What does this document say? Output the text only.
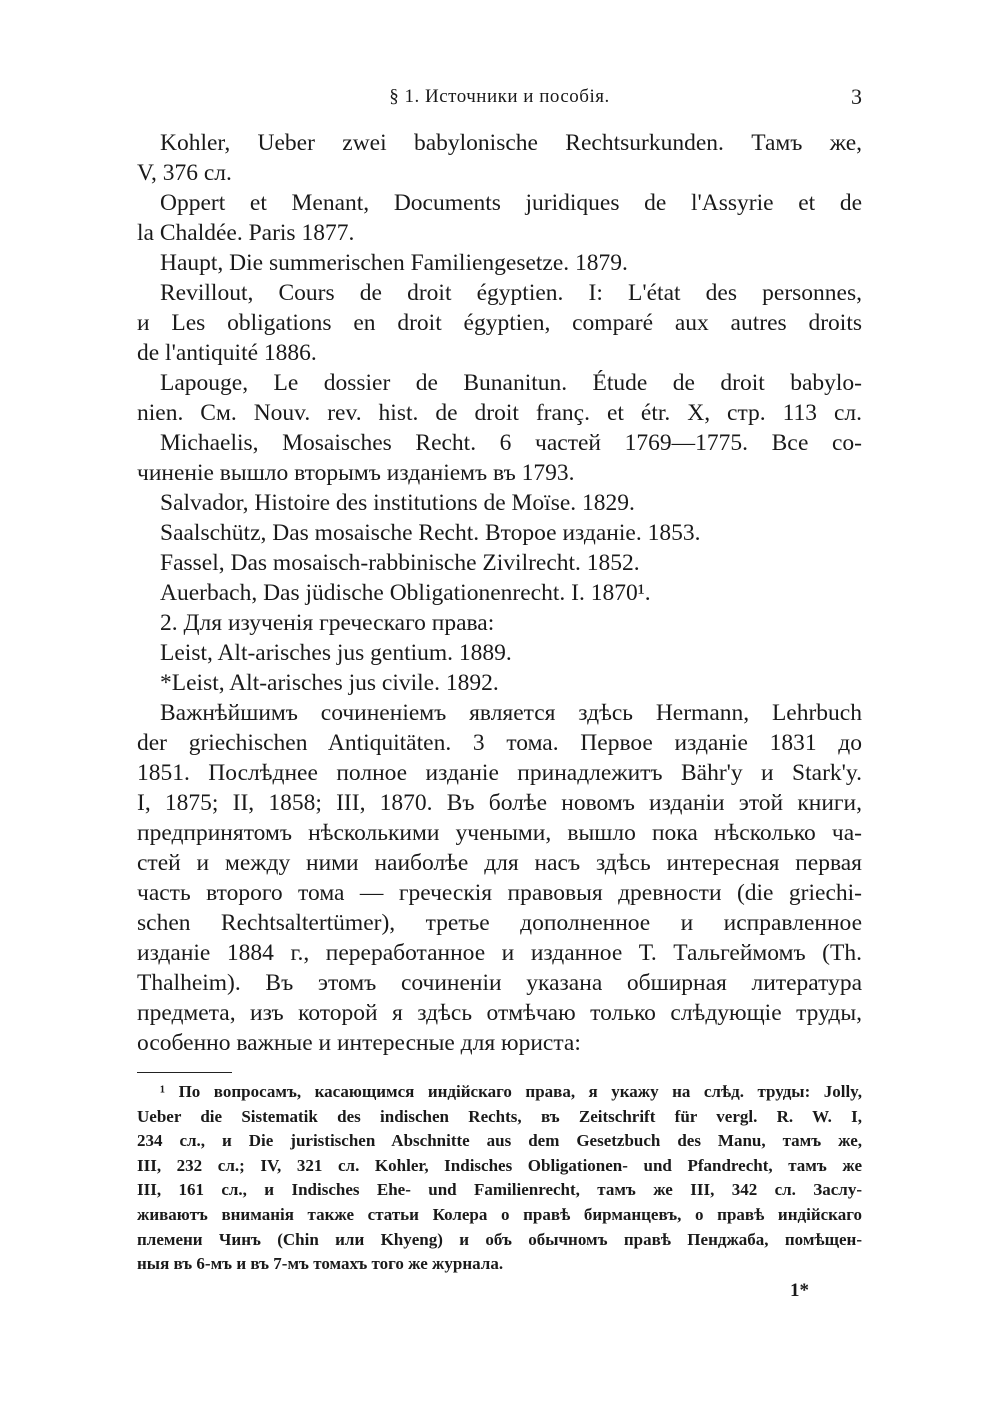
§ 1. Источники и пособія.	3
Kohler, Ueber zwei babylonische Rechtsurkunden. Тамъ же,
V, 376 сл.
Oppert et Menant, Documents juridiques de l'Assyrie et de
la Chaldée. Paris 1877.
Haupt, Die summerischen Familiengesetze. 1879.
Revillout, Cours de droit égyptien. I: L'état des personnes,
и Les obligations en droit égyptien, comparé aux autres droits
de l'antiquité 1886.
Lapouge, Le dossier de Bunanitun. Étude de droit babylo-
nien. См. Nouv. rev. hist. de droit franç. et étr. X, стр. 113 сл.
Michaelis, Mosaisches Recht. 6 частей 1769—1775. Все со-
чиненіе вышло вторымъ изданіемъ въ 1793.
Salvador, Histoire des institutions de Moïse. 1829.
Saalschütz, Das mosaische Recht. Второе изданіе. 1853.
Fassel, Das mosaisch-rabbinische Zivilrecht. 1852.
Auerbach, Das jüdische Obligationenrecht. I. 1870¹.
2. Для изученія греческаго права:
Leist, Alt-arisches jus gentium. 1889.
*Leist, Alt-arisches jus civile. 1892.
Важнѣйшимъ сочиненіемъ является здѣсь Hermann, Lehrbuch
der griechischen Antiquitäten. 3 тома. Первое изданіе 1831 до
1851. Послѣднее полное изданіе принадлежитъ Bähr'y и Stark'y.
I, 1875; II, 1858; III, 1870. Въ болѣе новомъ изданіи этой книги,
предпринятомъ нѣсколькими учеными, вышло пока нѣсколько ча-
стей и между ними наиболѣе для насъ здѣсь интересная первая
часть второго тома — греческія правовыя древности (die griechi-
schen Rechtsaltertümer), третье дополненное и исправленное
изданіе 1884 г., переработанное и изданное Т. Тальгеймомъ (Th.
Thalheim). Въ этомъ сочиненіи указана обширная литература
предмета, изъ которой я здѣсь отмѣчаю только слѣдующіе труды,
особенно важные и интересные для юриста:
¹ По вопросамъ, касающимся индійскаго права, я укажу на слѣд. труды: Jolly,
Ueber die Sistematik des indischen Rechts, въ Zeitschrift für vergl. R. W. I,
234 сл., и Die juristischen Abschnitte aus dem Gesetzbuch des Manu, тамъ же,
III, 232 сл.; IV, 321 сл. Kohler, Indisches Obligationen- und Pfandrecht, тамъ же
III, 161 сл., и Indisches Ehe- und Familienrecht, тамъ же III, 342 сл. Заслу-
живаютъ вниманія также статьи Колера о правѣ бирманцевъ, о правѣ индійскаго
племени Чинъ (Chin или Khyeng) и объ обычномъ правѣ Пенджаба, помѣщен-
ныя въ 6-мъ и въ 7-мъ томахъ того же журнала.
1*
